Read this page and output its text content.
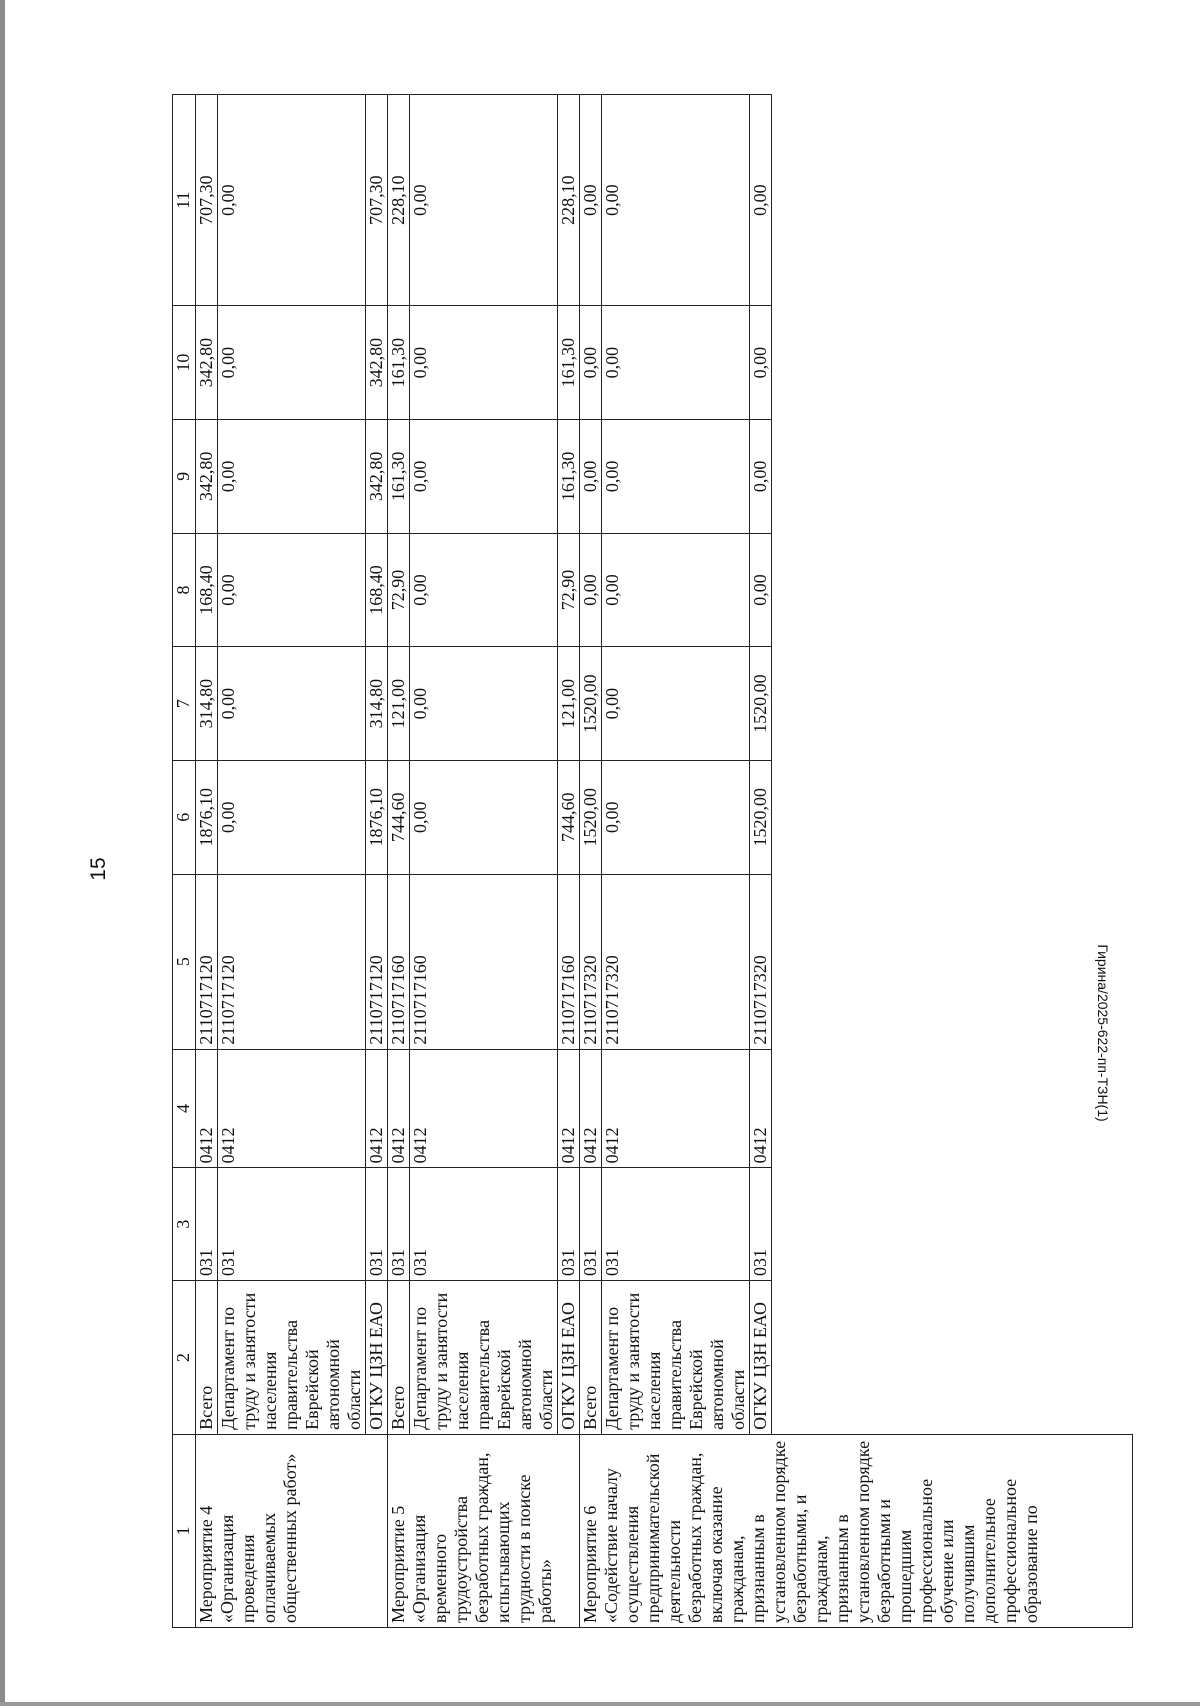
15
Гирина/2025-622-пп-ТЗН(1)
1	2	3	4	5	6	7	8	9	10	11
Мероприятие 4
«Организация проведения оплачиваемых общественных работ»	Всего	031	0412	2110717120	1876,10	314,80	168,40	342,80	342,80	707,30
	Департамент по труду и занятости населения правительства Еврейской автономной области	031	0412	2110717120	0,00	0,00	0,00	0,00	0,00	0,00
	ОГКУ ЦЗН ЕАО	031	0412	2110717120	1876,10	314,80	168,40	342,80	342,80	707,30
Мероприятие 5
«Организация временного трудоустройства безработных граждан, испытывающих трудности в поиске работы»	Всего	031	0412	2110717160	744,60	121,00	72,90	161,30	161,30	228,10
	Департамент по труду и занятости населения правительства Еврейской автономной области	031	0412	2110717160	0,00	0,00	0,00	0,00	0,00	0,00
	ОГКУ ЦЗН ЕАО	031	0412	2110717160	744,60	121,00	72,90	161,30	161,30	228,10
Мероприятие 6
«Содействие началу осуществления предпринимательской деятельности безработных граждан, включая оказание гражданам, признанным в установленном порядке безработными, и гражданам, признанным в установленном порядке безработными и прошедшим профессиональное обучение или получившим дополнительное профессиональное образование по	Всего	031	0412	2110717320	1520,00	1520,00	0,00	0,00	0,00	0,00
	Департамент по труду и занятости населения правительства Еврейской автономной области	031	0412	2110717320	0,00	0,00	0,00	0,00	0,00	0,00
	ОГКУ ЦЗН ЕАО	031	0412	2110717320	1520,00	1520,00	0,00	0,00	0,00	0,00
